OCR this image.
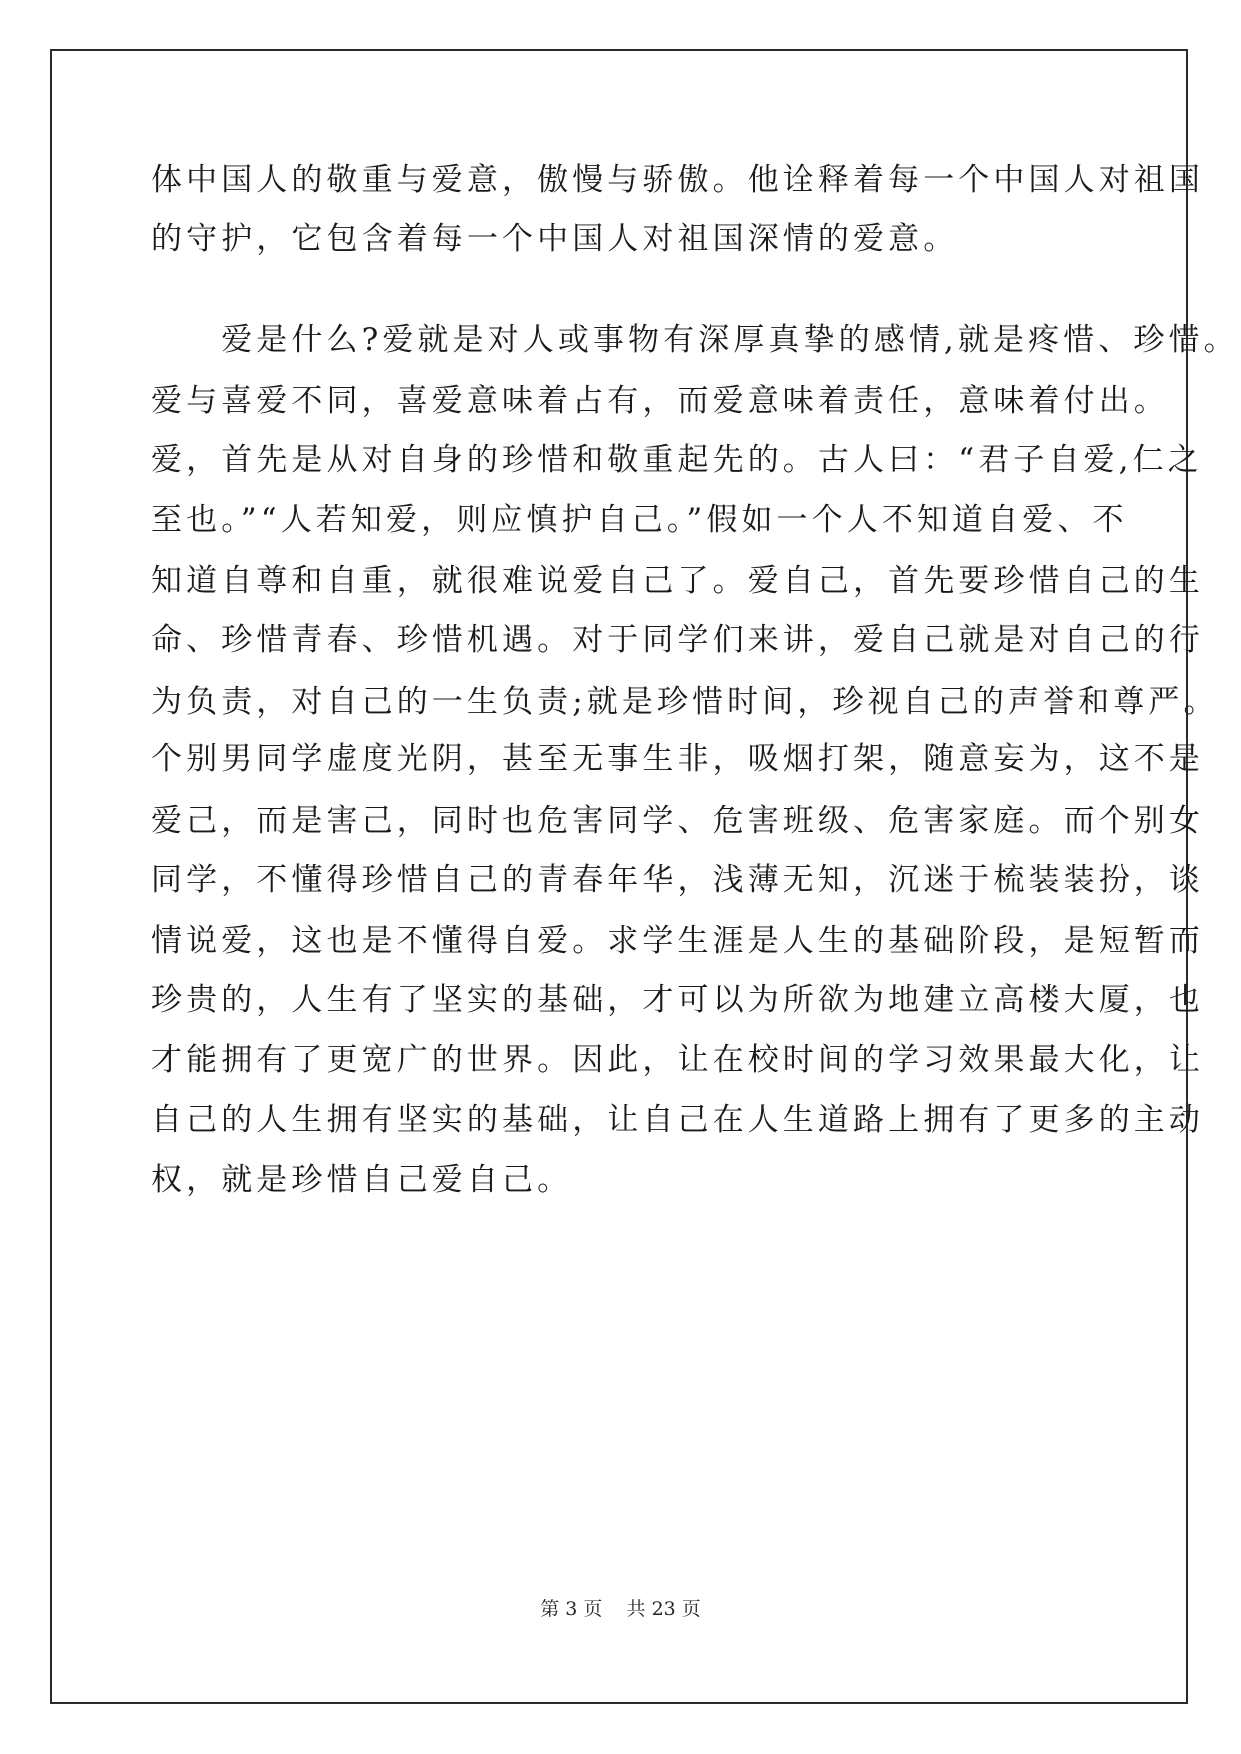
体中国人的敬重与爱意，傲慢与骄傲。他诠释着每一个中国人对祖国
的守护，它包含着每一个中国人对祖国深情的爱意。
　　爱是什么?爱就是对人或事物有深厚真挚的感情,就是疼惜、珍惜。
爱与喜爱不同，喜爱意味着占有，而爱意味着责任，意味着付出。
爱，首先是从对自身的珍惜和敬重起先的。古人曰：“君子自爱,仁之
至也。”“人若知爱，则应慎护自己。”假如一个人不知道自爱、不
知道自尊和自重，就很难说爱自己了。爱自己，首先要珍惜自己的生
命、珍惜青春、珍惜机遇。对于同学们来讲，爱自己就是对自己的行
为负责，对自己的一生负责;就是珍惜时间，珍视自己的声誉和尊严。
个别男同学虚度光阴，甚至无事生非，吸烟打架，随意妄为，这不是
爱己，而是害己，同时也危害同学、危害班级、危害家庭。而个别女
同学，不懂得珍惜自己的青春年华，浅薄无知，沉迷于梳装装扮，谈
情说爱，这也是不懂得自爱。求学生涯是人生的基础阶段，是短暂而
珍贵的，人生有了坚实的基础，才可以为所欲为地建立高楼大厦，也
才能拥有了更宽广的世界。因此，让在校时间的学习效果最大化，让
自己的人生拥有坚实的基础，让自己在人生道路上拥有了更多的主动
权，就是珍惜自己爱自己。
第 3 页    共 23 页
